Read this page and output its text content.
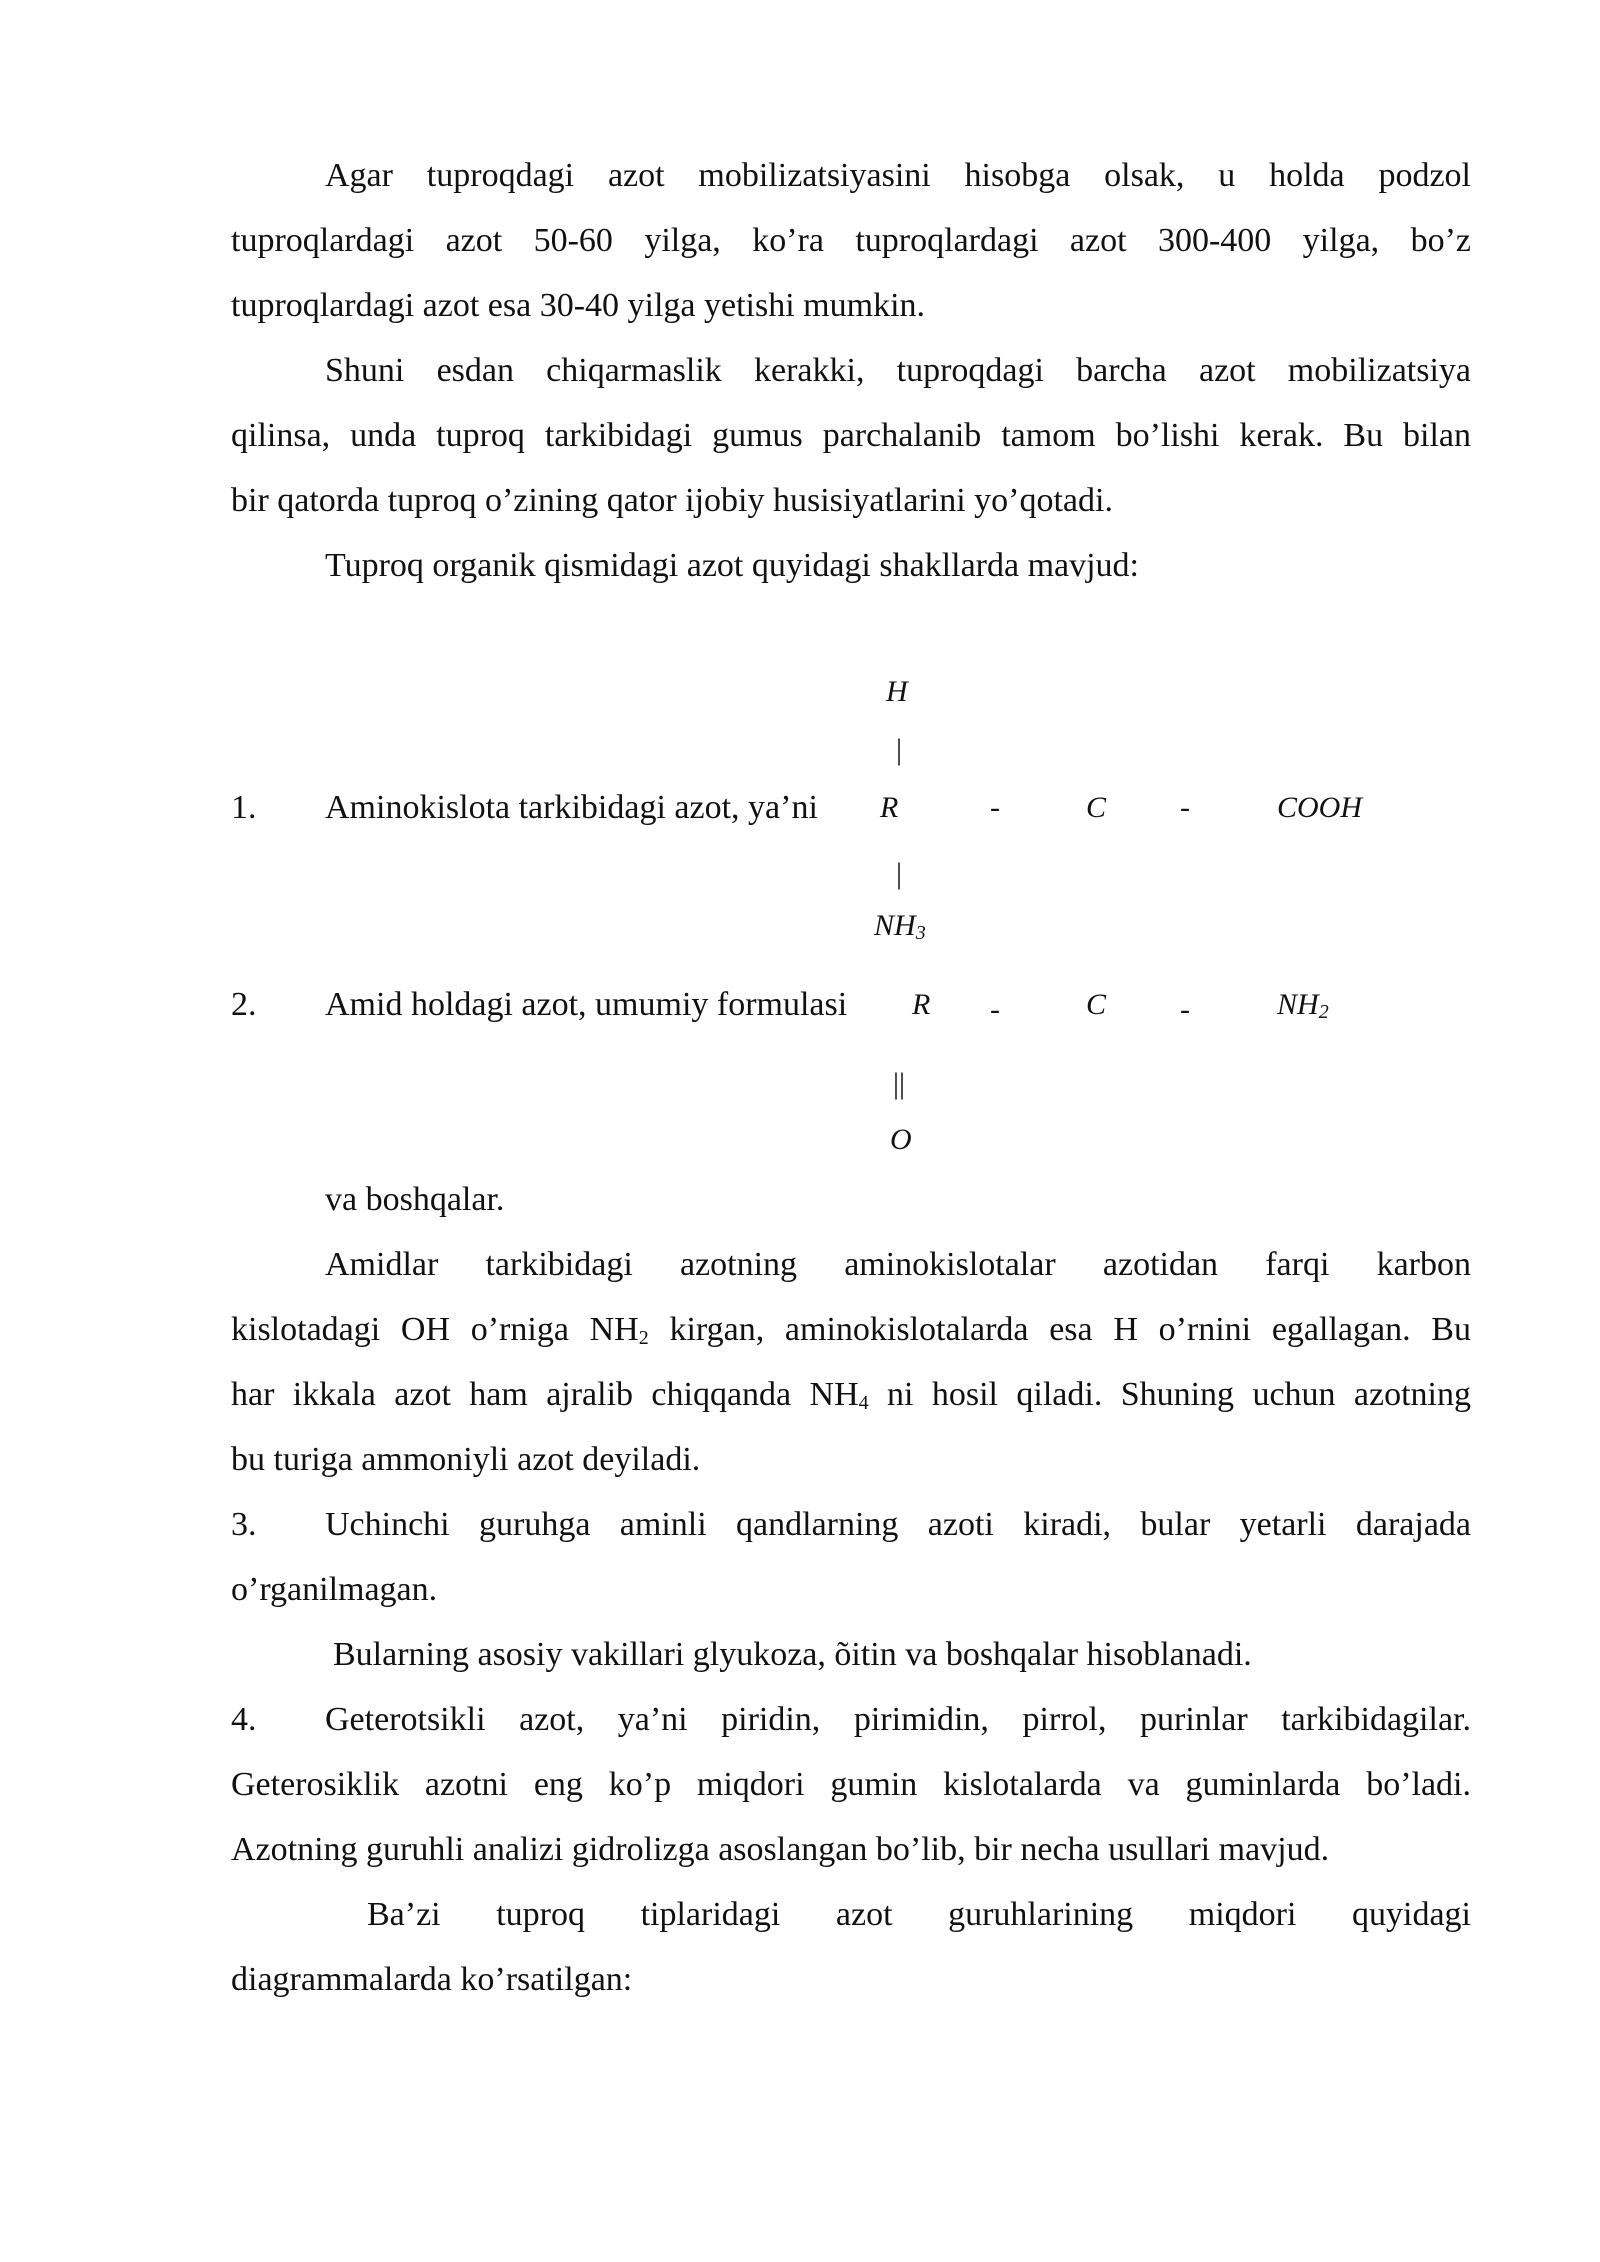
Agar tuproqdagi azot mobilizatsiyasini hisobga olsak, u holda podzol
tuproqlardagi azot 50-60 yilga, ko’ra tuproqlardagi azot 300-400 yilga, bo’z
tuproqlardagi azot esa 30-40 yilga yetishi mumkin.
Shuni esdan chiqarmaslik kerakki, tuproqdagi barcha azot mobilizatsiya
qilinsa, unda tuproq tarkibidagi gumus parchalanib tamom bo’lishi kerak. Bu bilan
bir qatorda tuproq o’zining qator ijobiy husisiyatlarini yo’qotadi.
Tuproq organik qismidagi azot quyidagi shakllarda mavjud:
H
|
1. Aminokislota tarkibidagi azot, ya’ni R	-	C -	COOH
|
$NH_3$
2. Amid holdagi azot, umumiy formulasi R -	C -	$NH_2$
||
O
va boshqalar.
Amidlar tarkibidagi azotning aminokislotalar azotidan farqi karbon
kislotadagi OH o’rniga $NH_2$ kirgan, aminokislotalarda esa H o’rnini egallagan. Bu
har ikkala azot ham ajralib chiqqanda $NH_4$ ni hosil qiladi. Shuning uchun azotning
bu turiga ammoniyli azot deyiladi.
3. Uchinchi guruhga aminli qandlarning azoti kiradi, bular yetarli darajada
o’rganilmagan.
Bularning asosiy vakillari glyukoza, õitin va boshqalar hisoblanadi.
4. Geterotsikli azot, ya’ni piridin, pirimidin, pirrol, purinlar tarkibidagilar.
Geterosiklik azotni eng ko’p miqdori gumin kislotalarda va guminlarda bo’ladi.
Azotning guruhli analizi gidrolizga asoslangan bo’lib, bir necha usullari mavjud.
Ba’zi tuproq tiplaridagi azot guruhlarining miqdori quyidagi
diagrammalarda ko’rsatilgan:
